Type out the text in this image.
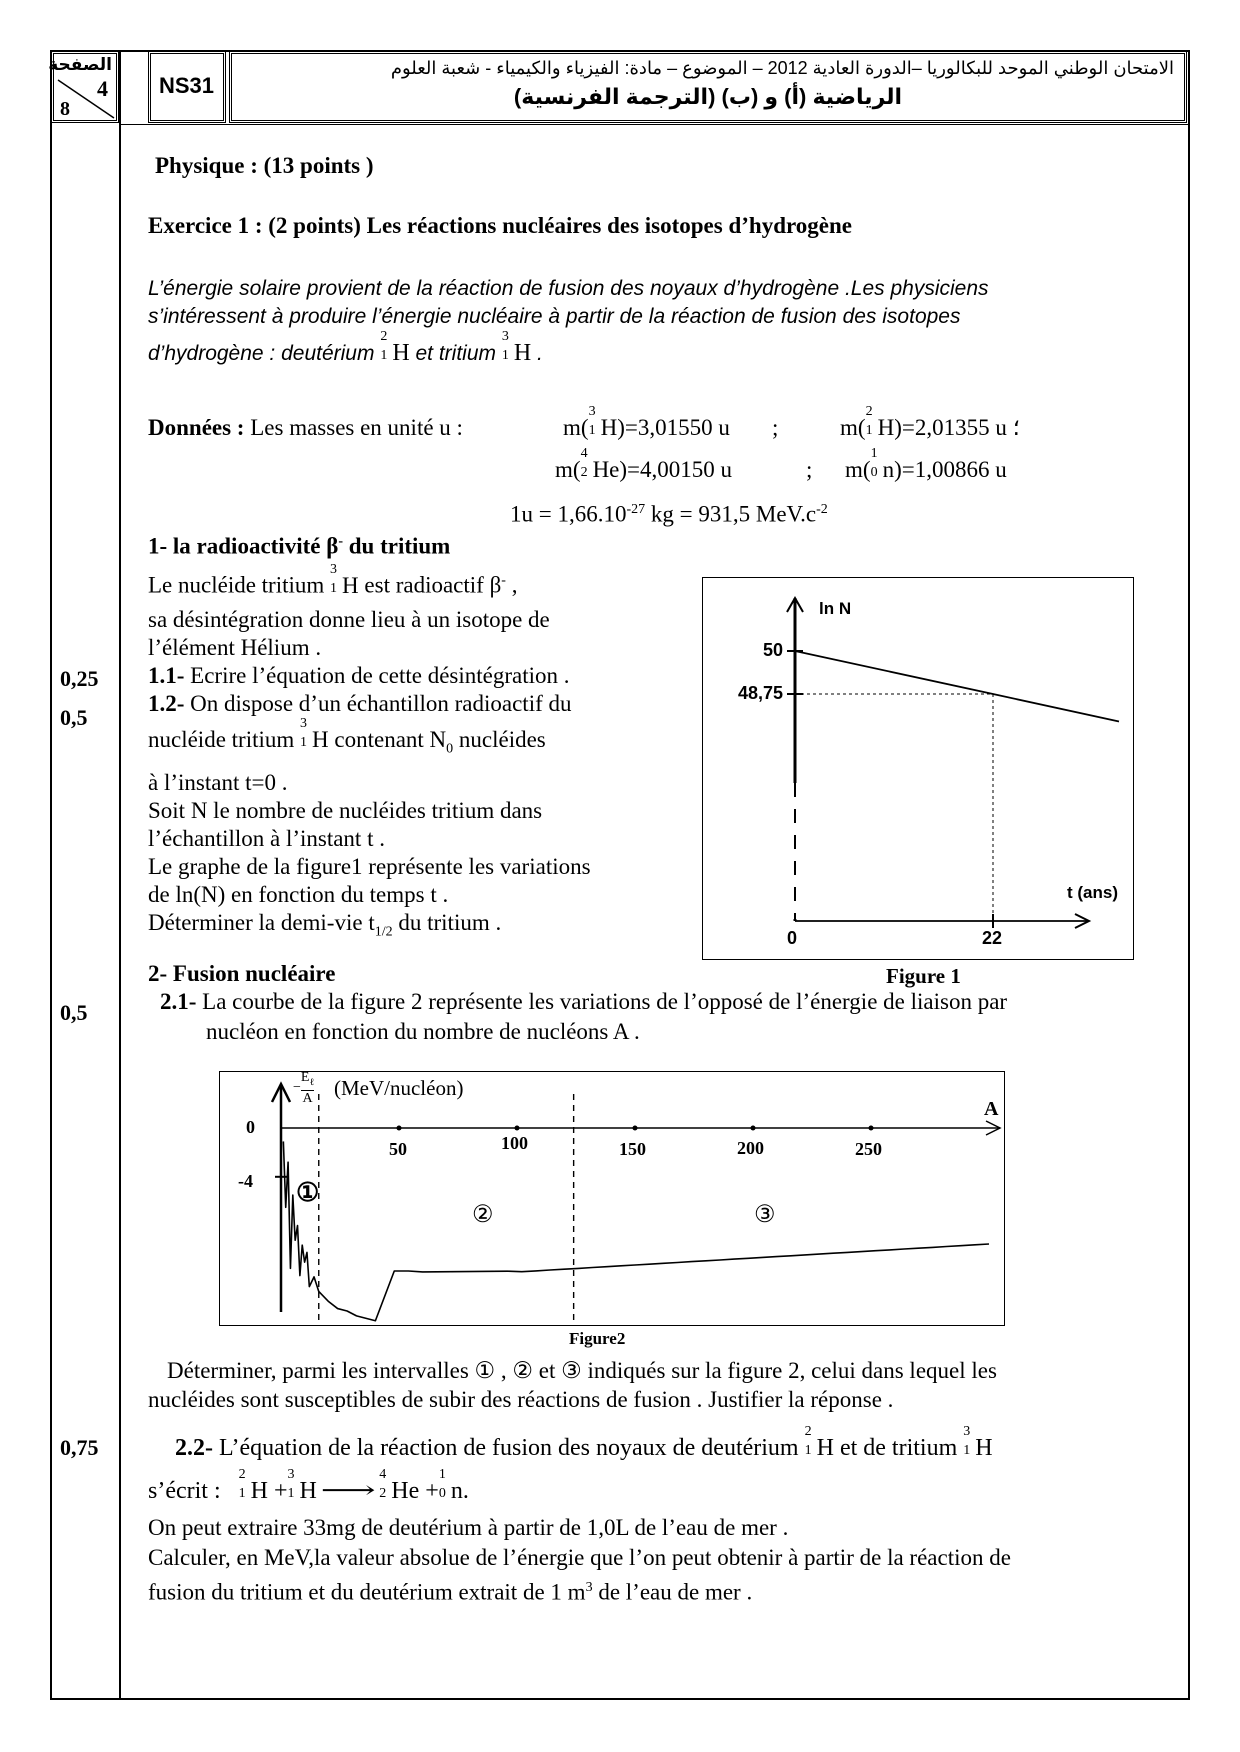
الصفحة
4
8
NS31
الامتحان الوطني الموحد للبكالوريا –الدورة العادية 2012 – الموضوع – مادة: الفيزياء والكيمياء - شعبة العلوم
الرياضية (أ) و (ب) (الترجمة الفرنسية)
0,25
0,5
0,5
0,75
Physique : (13 points )
Exercice 1 : (2 points) Les réactions nucléaires des isotopes d’hydrogène
L’énergie solaire provient de la réaction de fusion des noyaux d’hydrogène .Les physiciens
s’intéressent à produire l’énergie nucléaire à partir de la réaction de fusion des isotopes
d’hydrogène : deutérium
2
1 H et tritium
3
1 H .
Données : Les masses en unité u :	m(
3
1 H)=3,01550 u ;	m(
2
1 H)=2,01355 u ؛
m(
4
2 He)=4,00150 u	; m(
1
0 n)=1,00866 u
$1u = 1,66.10^{-27}$ kg = 931,5 $MeV.c^{-2}$
1- la radioactivité β- du tritium
Le nucléide tritium
3
1 H est radioactif β- ,
sa désintégration donne lieu à un isotope de
l’élément Hélium .
1.1- Ecrire l’équation de cette désintégration .
1.2- On dispose d’un échantillon radioactif du
nucléide tritium
3
1 H contenant $N_0$ nucléides
à l’instant t=0 .
Soit N le nombre de nucléides tritium dans
l’échantillon à l’instant t .
Le graphe de la figure1 représente les variations
de ln(N) en fonction du temps t .
Déterminer la demi-vie $t_{1/2}$ du tritium .
ln N
t (ans)
0	22
50
48,75
Figure 1
2- Fusion nucléaire
2.1- La courbe de la figure 2 représente les variations de l’opposé de l’énergie de liaison par
nucléon en fonction du nombre de nucléons A .
−
$E_\ell$
A (MeV/nucléon)
A
0
-4
50	100	150	200	250
①
②	③
Figure2
Déterminer, parmi les intervalles ① , ② et ③ indiqués sur la figure 2, celui dans lequel les
nucléides sont susceptibles de subir des réactions de fusion . Justifier la réponse .
2.2- L’équation de la réaction de fusion des noyaux de deutérium
2
1 H et de tritium
3
1 H
s’écrit :
2
1 H +
3
1 H ⟶
4
2 He +
1
0 n.
On peut extraire 33mg de deutérium à partir de 1,0L de l’eau de mer .
Calculer, en MeV,la valeur absolue de l’énergie que l’on peut obtenir à partir de la réaction de
fusion du tritium et du deutérium extrait de 1 $m^3$ de l’eau de mer .
